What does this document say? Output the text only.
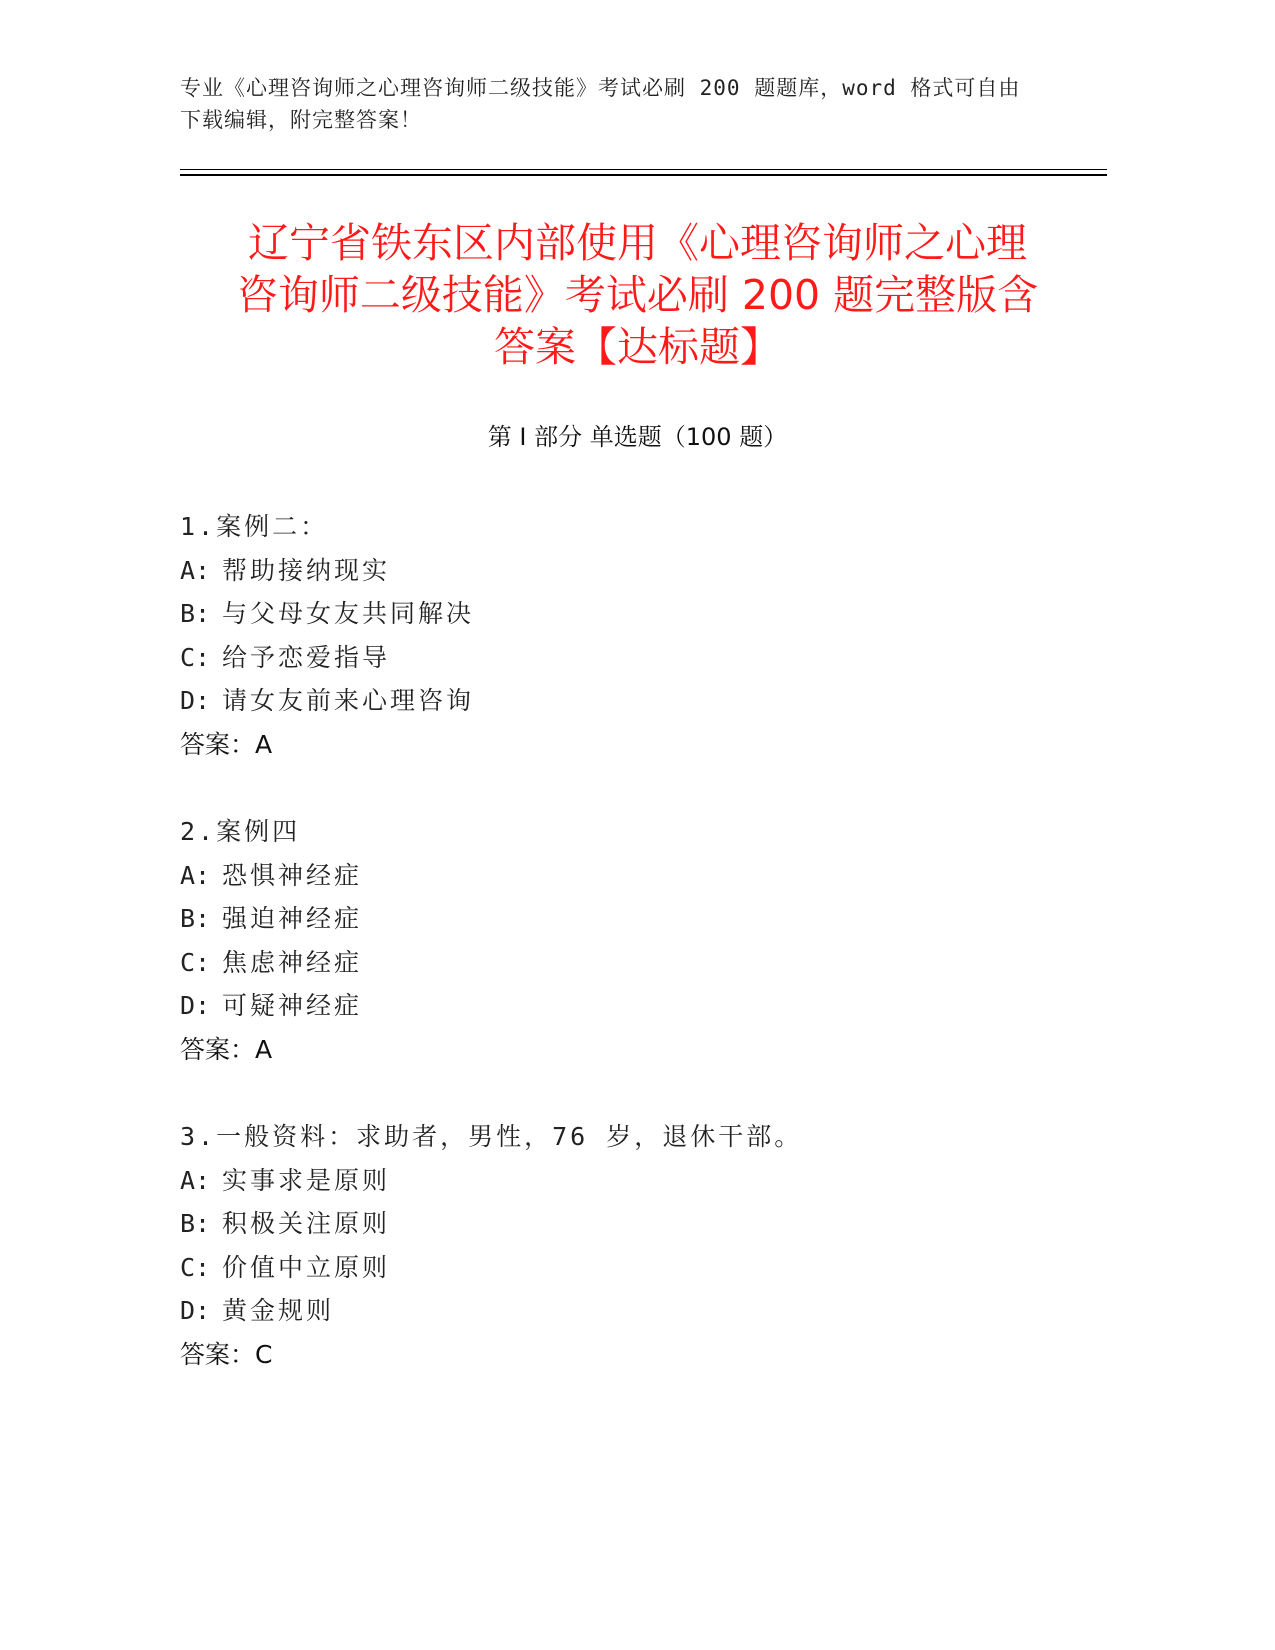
专业《心理咨询师之心理咨询师二级技能》考试必刷 200 题题库，word 格式可自由下载编辑，附完整答案！
辽宁省铁东区内部使用《心理咨询师之心理
咨询师二级技能》考试必刷 200 题完整版含
答案【达标题】
第 I 部分 单选题（100 题）
1.案例二：
A: 帮助接纳现实
B: 与父母女友共同解决
C: 给予恋爱指导
D: 请女友前来心理咨询
答案：A
2.案例四
A: 恐惧神经症
B: 强迫神经症
C: 焦虑神经症
D: 可疑神经症
答案：A
3.一般资料：求助者，男性，76 岁，退休干部。
A: 实事求是原则
B: 积极关注原则
C: 价值中立原则
D: 黄金规则
答案：C
